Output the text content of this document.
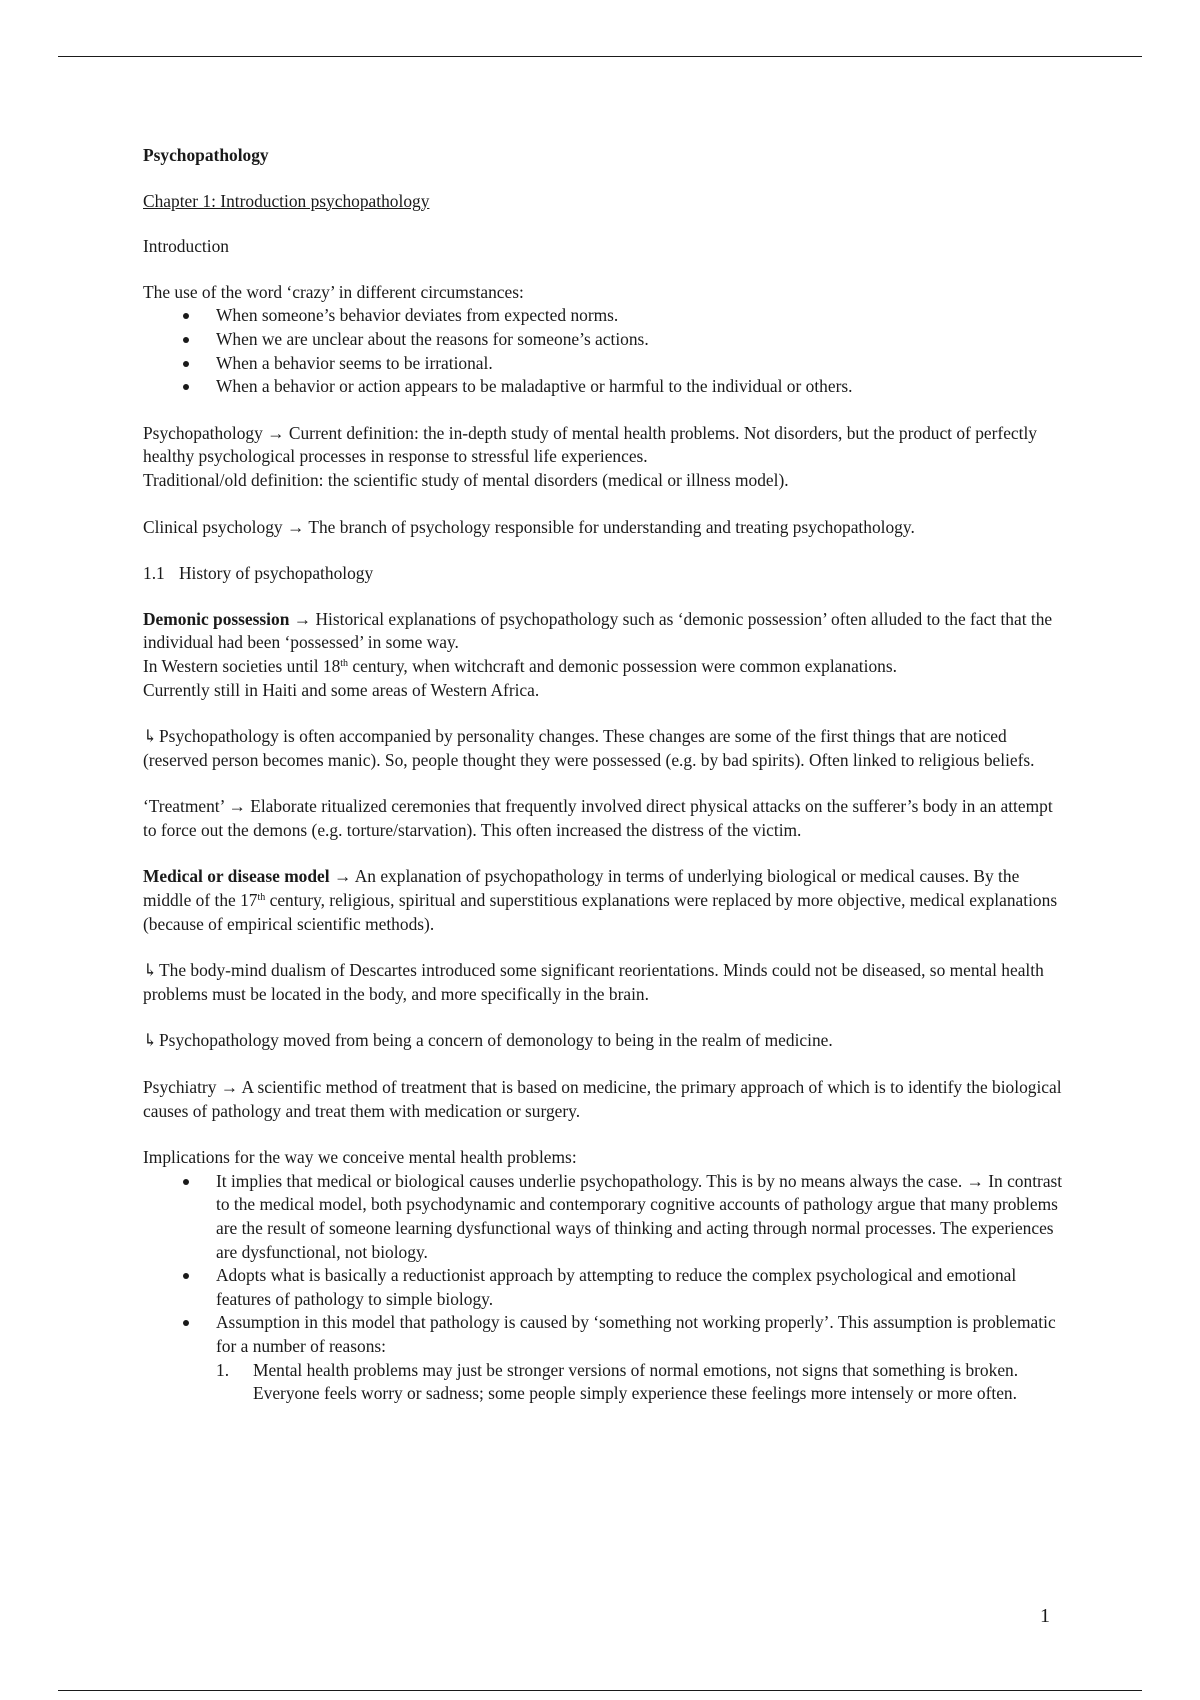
Psychopathology

Chapter 1: Introduction psychopathology

Introduction

The use of the word ‘crazy’ in different circumstances:

When someone’s behavior deviates from expected norms.
When we are unclear about the reasons for someone’s actions.
When a behavior seems to be irrational.
When a behavior or action appears to be maladaptive or harmful to the individual or others.

Psychopathology → Current definition: the in-depth study of mental health problems. Not disorders, but the product of perfectly healthy psychological processes in response to stressful life experiences.

Traditional/old definition: the scientific study of mental disorders (medical or illness model).

Clinical psychology → The branch of psychology responsible for understanding and treating psychopathology.

1.1 History of psychopathology

Demonic possession → Historical explanations of psychopathology such as ‘demonic possession’ often alluded to the fact that the individual had been ‘possessed’ in some way.

In Western societies until 18th century, when witchcraft and demonic possession were common explanations.

Currently still in Haiti and some areas of Western Africa.

↳Psychopathology is often accompanied by personality changes. These changes are some of the first things that are noticed (reserved person becomes manic). So, people thought they were possessed (e.g. by bad spirits). Often linked to religious beliefs.

‘Treatment’ → Elaborate ritualized ceremonies that frequently involved direct physical attacks on the sufferer’s body in an attempt to force out the demons (e.g. torture/starvation). This often increased the distress of the victim.

Medical or disease model → An explanation of psychopathology in terms of underlying biological or medical causes. By the middle of the 17th century, religious, spiritual and superstitious explanations were replaced by more objective, medical explanations (because of empirical scientific methods).

↳The body-mind dualism of Descartes introduced some significant reorientations. Minds could not be diseased, so mental health problems must be located in the body, and more specifically in the brain.

↳Psychopathology moved from being a concern of demonology to being in the realm of medicine.

Psychiatry → A scientific method of treatment that is based on medicine, the primary approach of which is to identify the biological causes of pathology and treat them with medication or surgery.

Implications for the way we conceive mental health problems:

It implies that medical or biological causes underlie psychopathology. This is by no means always the case. → In contrast to the medical model, both psychodynamic and contemporary cognitive accounts of pathology argue that many problems are the result of someone learning dysfunctional ways of thinking and acting through normal processes. The experiences are dysfunctional, not biology.
Adopts what is basically a reductionist approach by attempting to reduce the complex psychological and emotional features of pathology to simple biology.
Assumption in this model that pathology is caused by ‘something not working properly’. This assumption is problematic for a number of reasons:
1. Mental health problems may just be stronger versions of normal emotions, not signs that something is broken. Everyone feels worry or sadness; some people simply experience these feelings more intensely or more often.
1
